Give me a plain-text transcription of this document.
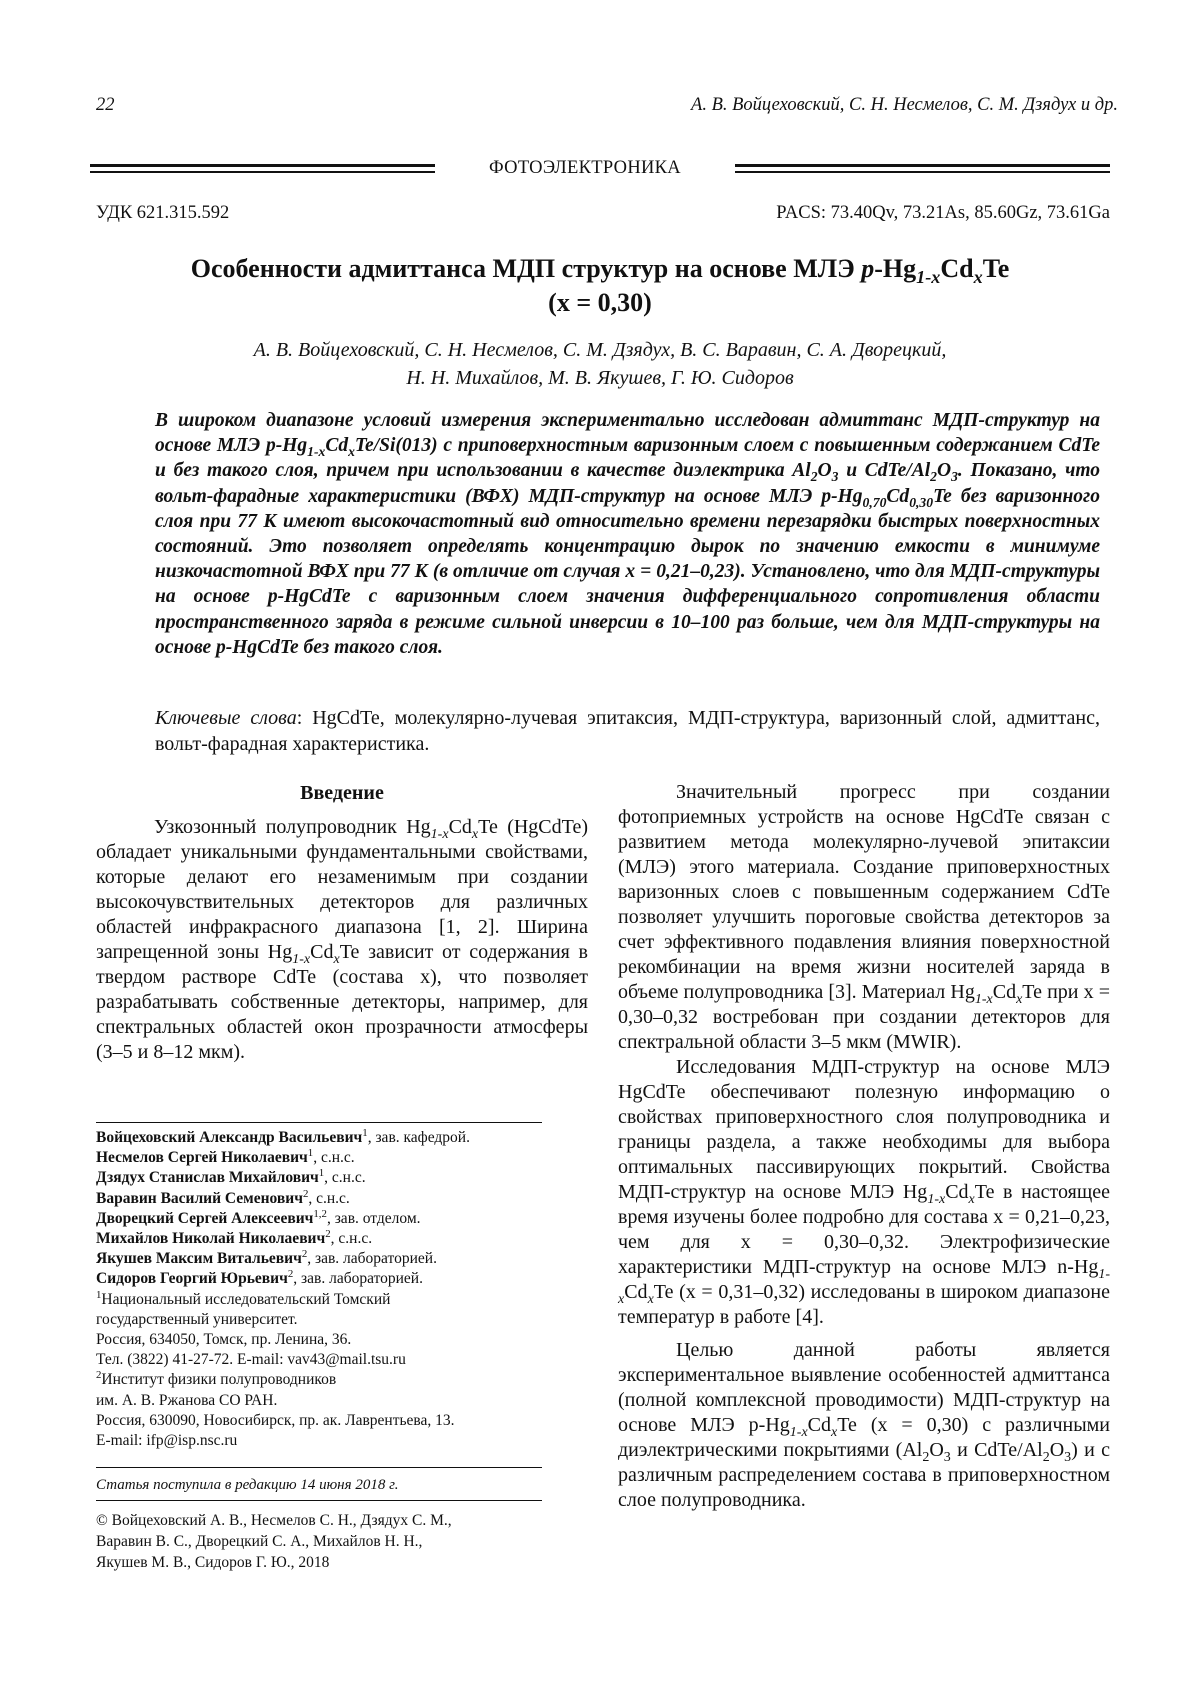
22	А. В. Войцеховский, С. Н. Несмелов, С. М. Дзядух и др.
ФОТОЭЛЕКТРОНИКА
УДК 621.315.592	PACS: 73.40Qv, 73.21As, 85.60Gz, 73.61Ga
Особенности адмиттанса МДП структур на основе МЛЭ p-Hg1-xCdxTe
(x = 0,30)
А. В. Войцеховский, С. Н. Несмелов, С. М. Дзядух, В. С. Варавин, С. А. Дворецкий,
Н. Н. Михайлов, М. В. Якушев, Г. Ю. Сидоров
В широком диапазоне условий измерения экспериментально исследован адмиттанс МДП-структур на основе МЛЭ p-Hg1-xCdxTe/Si(013) с приповерхностным варизонным слоем с повышенным содержанием CdTe и без такого слоя, причем при использовании в качестве диэлектрика Al2O3 и CdTe/Al2O3. Показано, что вольт-фарадные характеристики (ВФХ) МДП-структур на основе МЛЭ p-Hg0,70Cd0,30Te без варизонного слоя при 77 К имеют высокочастотный вид относительно времени перезарядки быстрых поверхностных состояний. Это позволяет определять концентрацию дырок по значению емкости в минимуме низкочастотной ВФХ при 77 К (в отличие от случая x = 0,21–0,23). Установлено, что для МДП-структуры на основе p-HgCdTe с варизонным слоем значения дифференциального сопротивления области пространственного заряда в режиме сильной инверсии в 10–100 раз больше, чем для МДП-структуры на основе p-HgCdTe без такого слоя.
Ключевые слова: HgCdTe, молекулярно-лучевая эпитаксия, МДП-структура, варизонный слой, адмиттанс, вольт-фарадная характеристика.
Введение

Узкозонный полупроводник Hg1-xCdxTe (HgCdTe) обладает уникальными фундаментальными свойствами, которые делают его незаменимым при создании высокочувствительных детекторов для различных областей инфракрасного диапазона [1, 2]. Ширина запрещенной зоны Hg1-xCdxTe зависит от содержания в твердом растворе CdTe (состава x), что позволяет разрабатывать собственные детекторы, например, для спектральных областей окон прозрачности атмосферы (3–5 и 8–12 мкм).

Войцеховский Александр Васильевич1, зав. кафедрой.
Несмелов Сергей Николаевич1, с.н.с.
Дзядух Станислав Михайлович1, с.н.с.
Варавин Василий Семенович2, с.н.с.
Дворецкий Сергей Алексеевич1,2, зав. отделом.
Михайлов Николай Николаевич2, с.н.с.
Якушев Максим Витальевич2, зав. лабораторией.
Сидоров Георгий Юрьевич2, зав. лабораторией.
1Национальный исследовательский Томский
государственный университет.
Россия, 634050, Томск, пр. Ленина, 36.
Тел. (3822) 41-27-72. E-mail: vav43@mail.tsu.ru
2Институт физики полупроводников
им. А. В. Ржанова СО РАН.
Россия, 630090, Новосибирск, пр. ак. Лаврентьева, 13.
E-mail: ifp@isp.nsc.ru
Статья поступила в редакцию 14 июня 2018 г.
© Войцеховский А. В., Несмелов С. Н., Дзядух С. М.,
Варавин В. С., Дворецкий С. А., Михайлов Н. Н.,
Якушев М. В., Сидоров Г. Ю., 2018

Значительный прогресс при создании фотоприемных устройств на основе HgCdTe связан с развитием метода молекулярно-лучевой эпитаксии (МЛЭ) этого материала. Создание приповерхностных варизонных слоев с повышенным содержанием CdTe позволяет улучшить пороговые свойства детекторов за счет эффективного подавления влияния поверхностной рекомбинации на время жизни носителей заряда в объеме полупроводника [3]. Материал Hg1-xCdxTe при x = 0,30–0,32 востребован при создании детекторов для спектральной области 3–5 мкм (MWIR).

Исследования МДП-структур на основе МЛЭ HgCdTe обеспечивают полезную информацию о свойствах приповерхностного слоя полупроводника и границы раздела, а также необходимы для выбора оптимальных пассивирующих покрытий. Свойства МДП-структур на основе МЛЭ Hg1-xCdxTe в настоящее время изучены более подробно для состава x = 0,21–0,23, чем для x = 0,30–0,32. Электрофизические характеристики МДП-структур на основе МЛЭ n-Hg1-xCdxTe (x = 0,31–0,32) исследованы в широком диапазоне температур в работе [4].

Целью данной работы является экспериментальное выявление особенностей адмиттанса (полной комплексной проводимости) МДП-структур на основе МЛЭ p-Hg1-xCdxTe (x = 0,30) с различными диэлектрическими покрытиями (Al2O3 и CdTe/Al2O3) и с различным распределением состава в приповерхностном слое полупроводника.
